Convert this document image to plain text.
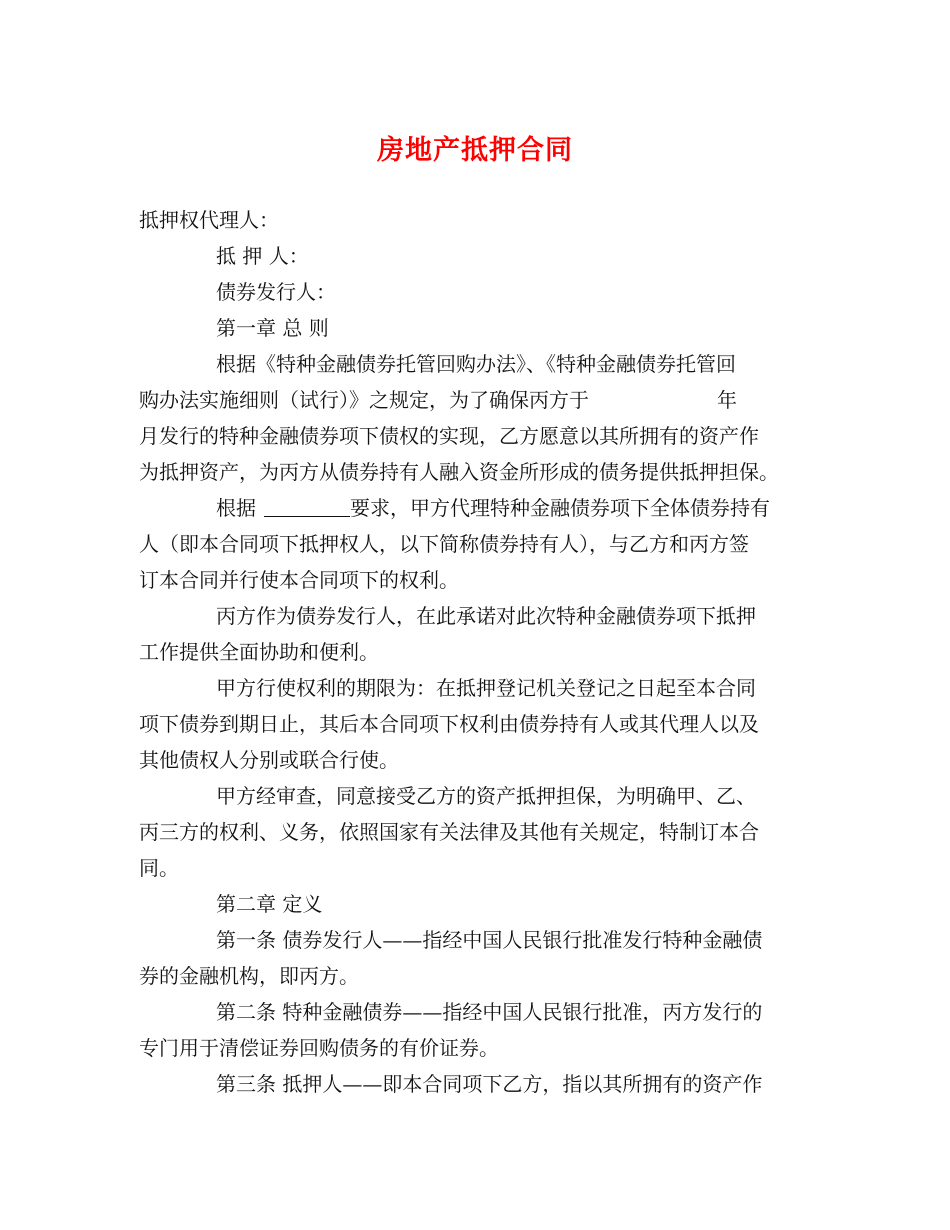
房地产抵押合同
抵押权代理人：
抵 押 人：
债券发行人：
第一章 总 则
根据《特种金融债券托管回购办法》、《特种金融债券托管回
购办法实施细则（试行）》之规定，为了确保丙方于	年
月发行的特种金融债券项下债权的实现，乙方愿意以其所拥有的资产作
为抵押资产，为丙方从债券持有人融入资金所形成的债务提供抵押担保。
根据	要求，甲方代理特种金融债券项下全体债券持有
人（即本合同项下抵押权人，以下简称债券持有人），与乙方和丙方签
订本合同并行使本合同项下的权利。
丙方作为债券发行人，在此承诺对此次特种金融债券项下抵押
工作提供全面协助和便利。
甲方行使权利的期限为：在抵押登记机关登记之日起至本合同
项下债券到期日止，其后本合同项下权利由债券持有人或其代理人以及
其他债权人分别或联合行使。
甲方经审查，同意接受乙方的资产抵押担保，为明确甲、乙、
丙三方的权利、义务，依照国家有关法律及其他有关规定，特制订本合
同。
第二章 定义
第一条 债券发行人——指经中国人民银行批准发行特种金融债
券的金融机构，即丙方。
第二条 特种金融债券——指经中国人民银行批准，丙方发行的
专门用于清偿证券回购债务的有价证券。
第三条 抵押人——即本合同项下乙方，指以其所拥有的资产作
